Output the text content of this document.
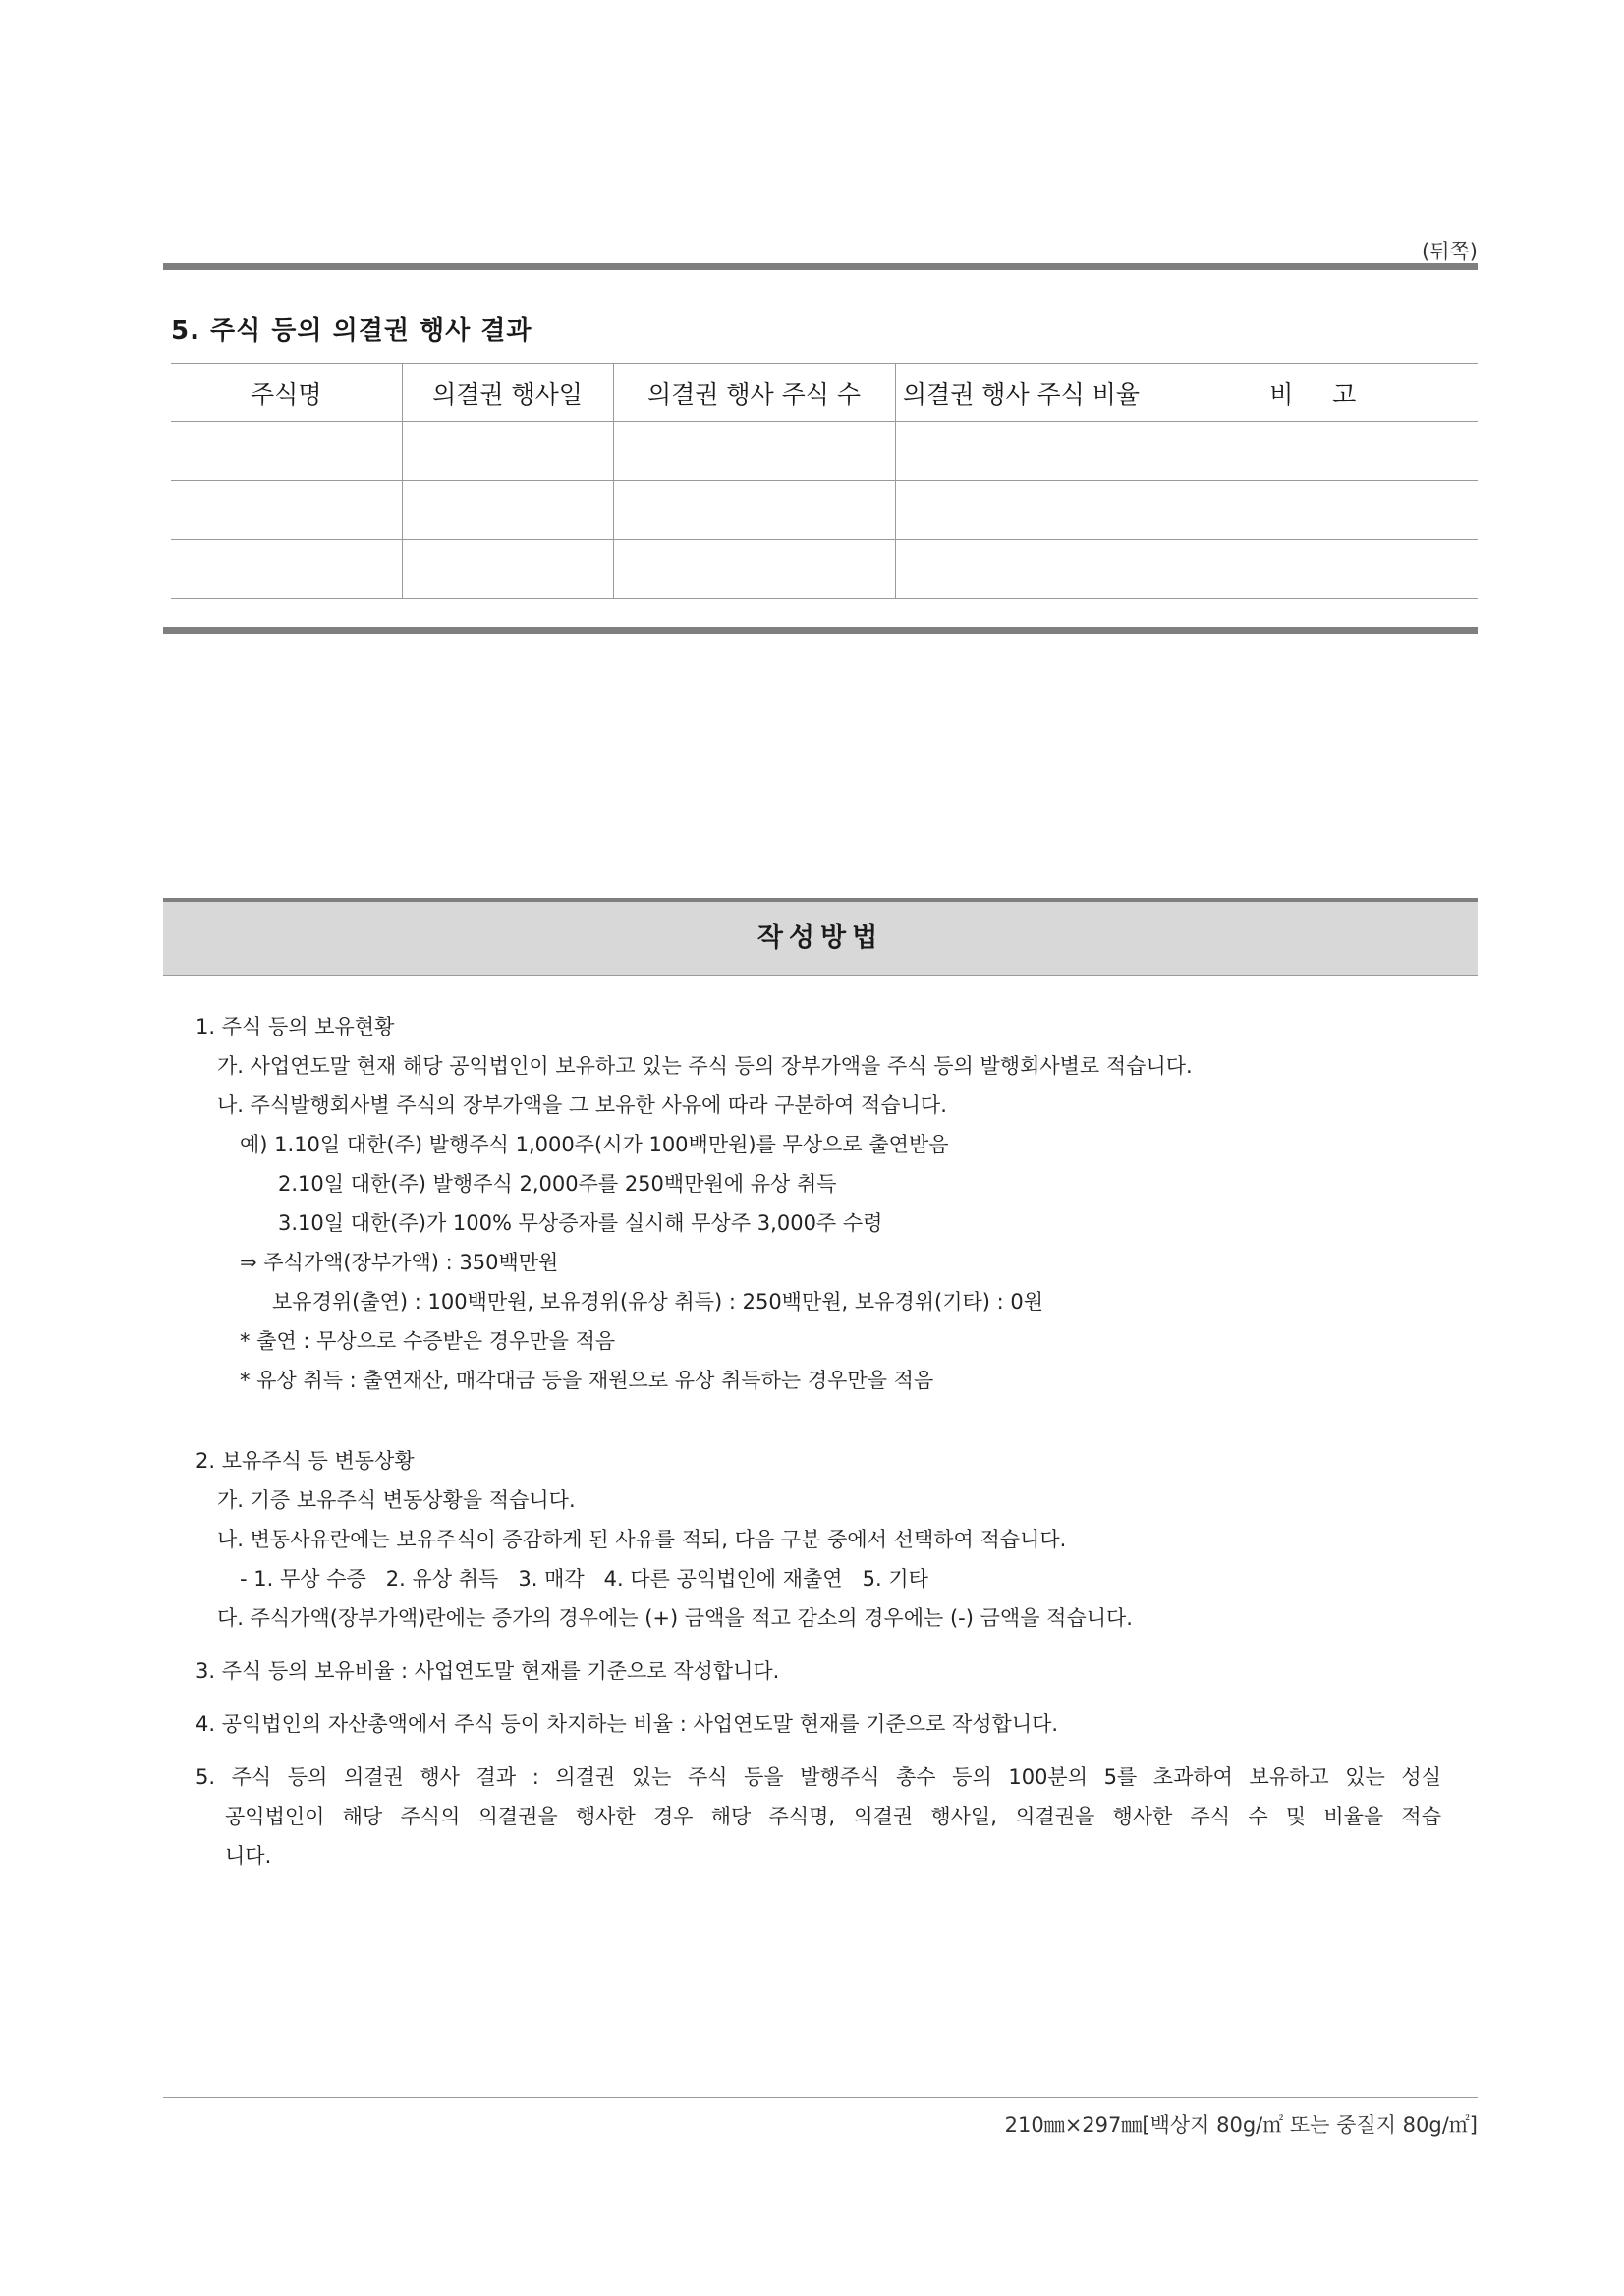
(뒤쪽)
5. 주식 등의 의결권 행사 결과
주식명	의결권 행사일	의결권 행사 주식 수	의결권 행사 주식 비율	비     고

작성방법
1. 주식 등의 보유현황
가. 사업연도말 현재 해당 공익법인이 보유하고 있는 주식 등의 장부가액을 주식 등의 발행회사별로 적습니다.
나. 주식발행회사별 주식의 장부가액을 그 보유한 사유에 따라 구분하여 적습니다.
예) 1.10일 대한(주) 발행주식 1,000주(시가 100백만원)를 무상으로 출연받음
2.10일 대한(주) 발행주식 2,000주를 250백만원에 유상 취득
3.10일 대한(주)가 100% 무상증자를 실시해 무상주 3,000주 수령
⇒ 주식가액(장부가액) : 350백만원
보유경위(출연) : 100백만원, 보유경위(유상 취득) : 250백만원, 보유경위(기타) : 0원
* 출연 : 무상으로 수증받은 경우만을 적음
* 유상 취득 : 출연재산, 매각대금 등을 재원으로 유상 취득하는 경우만을 적음
2. 보유주식 등 변동상황
가. 기증 보유주식 변동상황을 적습니다.
나. 변동사유란에는 보유주식이 증감하게 된 사유를 적되, 다음 구분 중에서 선택하여 적습니다.
- 1. 무상 수증   2. 유상 취득   3. 매각   4. 다른 공익법인에 재출연   5. 기타
다. 주식가액(장부가액)란에는 증가의 경우에는 (+) 금액을 적고 감소의 경우에는 (-) 금액을 적습니다.
3. 주식 등의 보유비율 : 사업연도말 현재를 기준으로 작성합니다.
4. 공익법인의 자산총액에서 주식 등이 차지하는 비율 : 사업연도말 현재를 기준으로 작성합니다.
5. 주식 등의 의결권 행사 결과 : 의결권 있는 주식 등을 발행주식 총수 등의 100분의 5를 초과하여 보유하고 있는 성실
공익법인이 해당 주식의 의결권을 행사한 경우 해당 주식명, 의결권 행사일, 의결권을 행사한 주식 수 및 비율을 적습
니다.
210㎜×297㎜[백상지 80g/㎡ 또는 중질지 80g/㎡]
